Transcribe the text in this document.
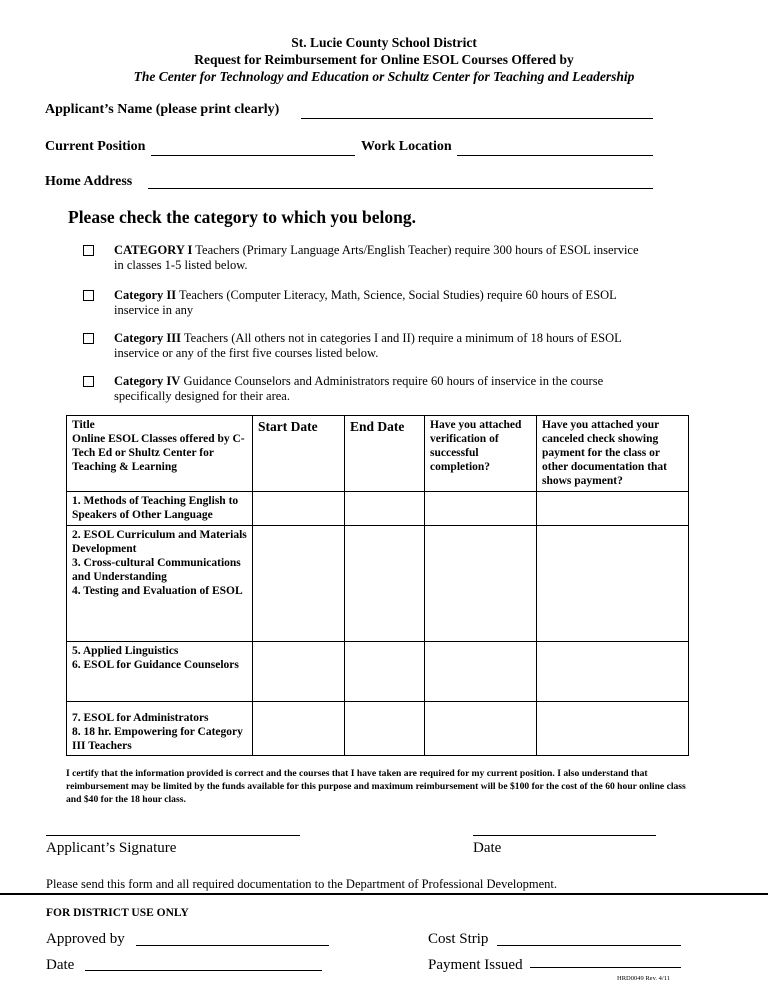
St. Lucie County School District
Request for Reimbursement for Online ESOL Courses Offered by
The Center for Technology and Education or Schultz Center for Teaching and Leadership
Applicant’s Name (please print clearly)
Current Position	Work Location
Home Address
Please check the category to which you belong.
CATEGORY I Teachers (Primary Language Arts/English Teacher) require 300 hours of ESOL inservice in classes 1-5 listed below.
Category II Teachers (Computer Literacy, Math, Science, Social Studies) require 60 hours of ESOL inservice in any
Category III Teachers (All others not in categories I and II) require a minimum of 18 hours of ESOL inservice or any of the first five courses listed below.
Category IV Guidance Counselors and Administrators require 60 hours of inservice in the course specifically designed for their area.
Title
Online ESOL Classes offered by C-Tech Ed or Shultz Center for Teaching & Learning	Start Date	End Date	Have you attached verification of successful completion?	Have you attached your canceled check showing payment for the class or other documentation that shows payment?
1. Methods of Teaching English to Speakers of Other Language				
2. ESOL Curriculum and Materials Development
3. Cross-cultural Communications and Understanding
4. Testing and Evaluation of ESOL				
5. Applied Linguistics
6. ESOL for Guidance Counselors				
7. ESOL for Administrators
8. 18 hr. Empowering for Category III Teachers				
I certify that the information provided is correct and the courses that I have taken are required for my current position. I also understand that reimbursement may be limited by the funds available for this purpose and maximum reimbursement will be $100 for the cost of the 60 hour online class and $40 for the 18 hour class.
Applicant’s Signature	Date
Please send this form and all required documentation to the Department of Professional Development.
FOR DISTRICT USE ONLY
Approved by
Date
Cost Strip
Payment Issued
HRD0049 Rev. 4/11
